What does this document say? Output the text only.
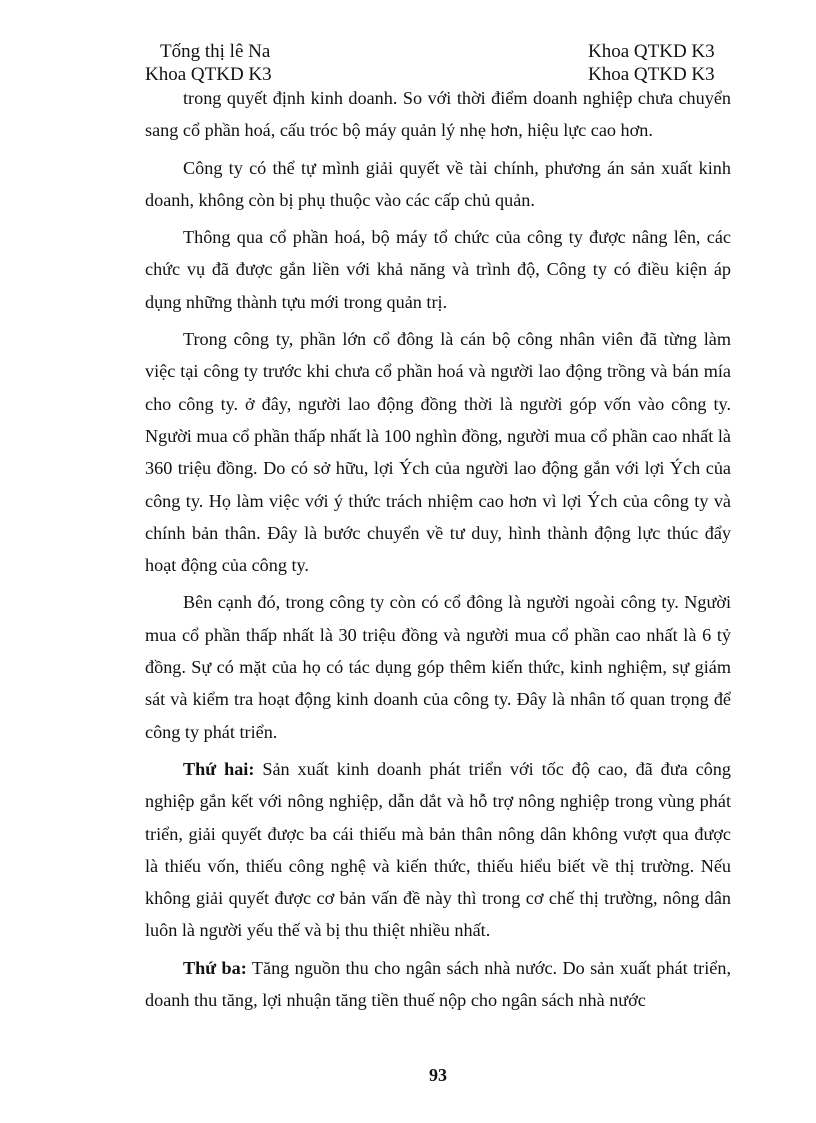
Tống thị lê Na
Khoa QTKD K3
Khoa QTKD K3
Khoa QTKD K3

trong quyết định kinh doanh. So với thời điểm doanh nghiệp chưa chuyển sang cổ phần hoá, cấu tróc bộ máy quản lý nhẹ hơn, hiệu lực cao hơn.

Công ty có thể tự mình giải quyết về tài chính, phương án sản xuất kinh doanh, không còn bị phụ thuộc vào các cấp chủ quản.

Thông qua cổ phần hoá, bộ máy tổ chức của công ty được nâng lên, các chức vụ đã được gắn liền với khả năng và trình độ, Công ty có điều kiện áp dụng những thành tựu mới trong quản trị.

Trong công ty, phần lớn cổ đông là cán bộ công nhân viên đã từng làm việc tại công ty trước khi chưa cổ phần hoá và người lao động trồng và bán mía cho công ty. ở đây, người lao động đồng thời là người góp vốn vào công ty. Người mua cổ phần thấp nhất là 100 nghìn đồng, người mua cổ phần cao nhất là 360 triệu đồng. Do có sở hữu, lợi Ých của người lao động gắn với lợi Ých của công ty. Họ làm việc với ý thức trách nhiệm cao hơn vì lợi Ých của công ty và chính bản thân. Đây là bước chuyển về tư duy, hình thành động lực thúc đẩy hoạt động của công ty.

Bên cạnh đó, trong công ty còn có cổ đông là người ngoài công ty. Người mua cổ phần thấp nhất là 30 triệu đồng và người mua cổ phần cao nhất là 6 tỷ đồng. Sự có mặt của họ có tác dụng góp thêm kiến thức, kinh nghiệm, sự giám sát và kiểm tra hoạt động kinh doanh của công ty. Đây là nhân tố quan trọng để công ty phát triển.

Thứ hai: Sản xuất kinh doanh phát triển với tốc độ cao, đã đưa công nghiệp gắn kết với nông nghiệp, dẫn dắt và hỗ trợ nông nghiệp trong vùng phát triển, giải quyết được ba cái thiếu mà bản thân nông dân không vượt qua được là thiếu vốn, thiếu công nghệ và kiến thức, thiếu hiểu biết về thị trường. Nếu không giải quyết được cơ bản vấn đề này thì trong cơ chế thị trường, nông dân luôn là người yếu thế và bị thu thiệt nhiều nhất.

Thứ ba: Tăng nguồn thu cho ngân sách nhà nước. Do sản xuất phát triển, doanh thu tăng, lợi nhuận tăng tiền thuế nộp cho ngân sách nhà nước

93
